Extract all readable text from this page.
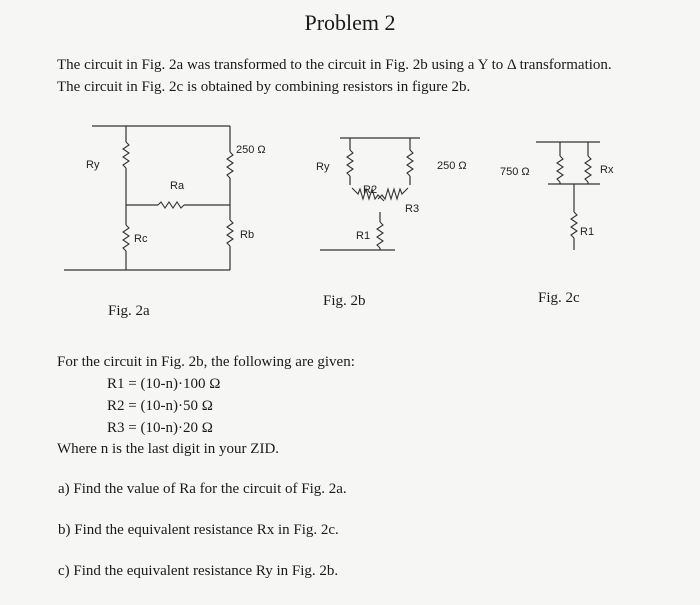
Problem 2
The circuit in Fig. 2a was transformed to the circuit in Fig. 2b using a Y to Δ transformation.
The circuit in Fig. 2c is obtained by combining resistors in figure 2b.
Ry
Ra
Rc	Rb
250 Ω
Ry
R2
R3
R1
250 Ω	750 Ω	Rx
R1
Fig. 2a
Fig. 2b	Fig. 2c
For the circuit in Fig. 2b, the following are given:
R1 = (10-n)·100 Ω
R2 = (10-n)·50 Ω
R3 = (10-n)·20 Ω
Where n is the last digit in your ZID.
a) Find the value of Ra for the circuit of Fig. 2a.
b) Find the equivalent resistance Rx in Fig. 2c.
c) Find the equivalent resistance Ry in Fig. 2b.
